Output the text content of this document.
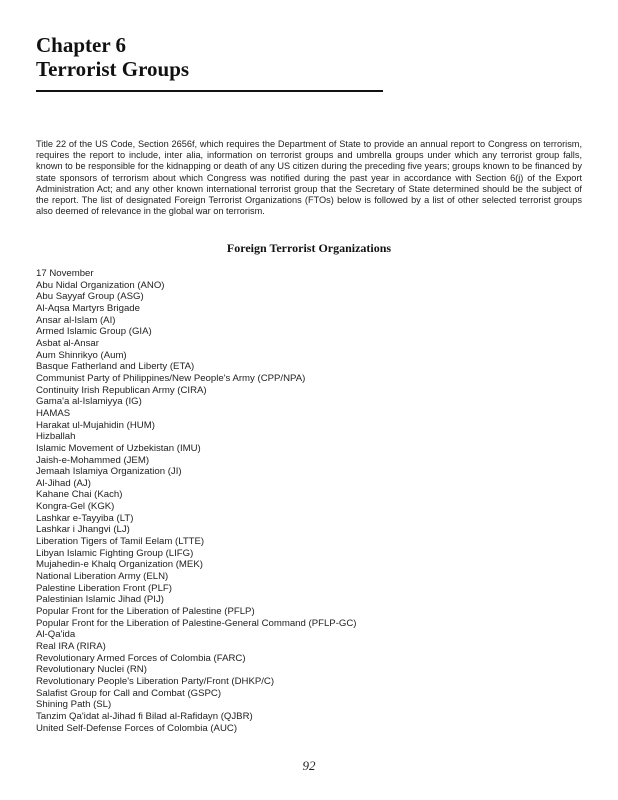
Chapter 6
Terrorist Groups

Title 22 of the US Code, Section 2656f, which requires the Department of State to provide an annual report to Congress on terrorism, requires the report to include, inter alia, information on terrorist groups and umbrella groups under which any terrorist group falls, known to be responsible for the kidnapping or death of any US citizen during the preceding five years; groups known to be financed by state sponsors of terrorism about which Congress was notified during the past year in accordance with Section 6(j) of the Export Administration Act; and any other known international terrorist group that the Secretary of State determined should be the subject of the report. The list of designated Foreign Terrorist Organizations (FTOs) below is followed by a list of other selected terrorist groups also deemed of relevance in the global war on terrorism.

Foreign Terrorist Organizations
17 November
Abu Nidal Organization (ANO)
Abu Sayyaf Group (ASG)
Al-Aqsa Martyrs Brigade
Ansar al-Islam (AI)
Armed Islamic Group (GIA)
Asbat al-Ansar
Aum Shinrikyo (Aum)
Basque Fatherland and Liberty (ETA)
Communist Party of Philippines/New People's Army (CPP/NPA)
Continuity Irish Republican Army (CIRA)
Gama'a al-Islamiyya (IG)
HAMAS
Harakat ul-Mujahidin (HUM)
Hizballah
Islamic Movement of Uzbekistan (IMU)
Jaish-e-Mohammed (JEM)
Jemaah Islamiya Organization (JI)
Al-Jihad (AJ)
Kahane Chai (Kach)
Kongra-Gel (KGK)
Lashkar e-Tayyiba (LT)
Lashkar i Jhangvi (LJ)
Liberation Tigers of Tamil Eelam (LTTE)
Libyan Islamic Fighting Group (LIFG)
Mujahedin-e Khalq Organization (MEK)
National Liberation Army (ELN)
Palestine Liberation Front (PLF)
Palestinian Islamic Jihad (PIJ)
Popular Front for the Liberation of Palestine (PFLP)
Popular Front for the Liberation of Palestine-General Command (PFLP-GC)
Al-Qa'ida
Real IRA (RIRA)
Revolutionary Armed Forces of Colombia (FARC)
Revolutionary Nuclei (RN)
Revolutionary People's Liberation Party/Front (DHKP/C)
Salafist Group for Call and Combat (GSPC)
Shining Path (SL)
Tanzim Qa'idat al-Jihad fi Bilad al-Rafidayn (QJBR)
United Self-Defense Forces of Colombia (AUC)
92
